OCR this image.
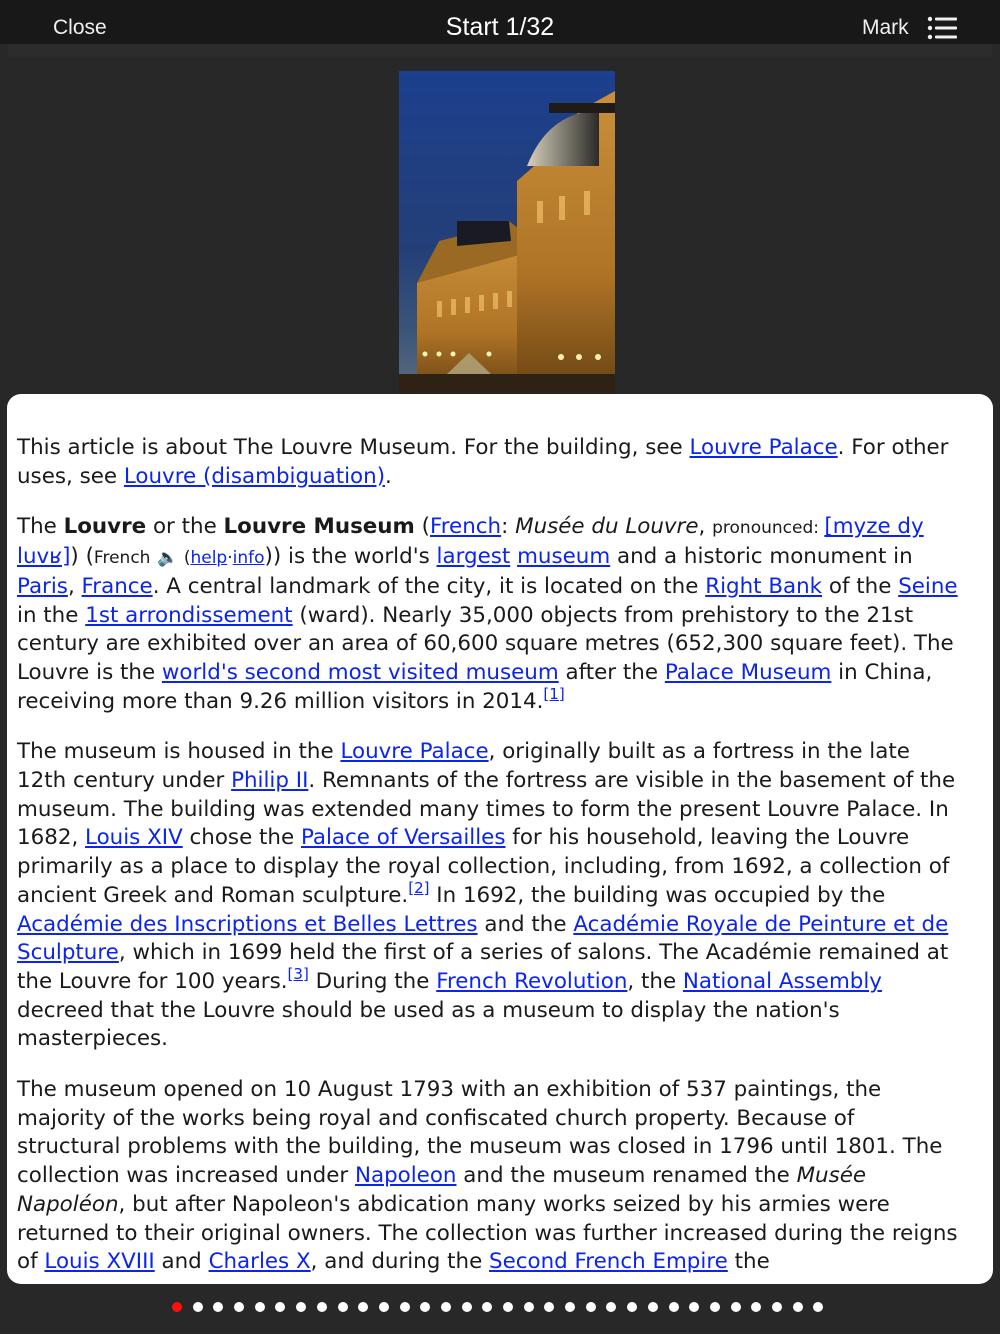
Close	Start 1/32	Mark

This article is about The Louvre Museum. For the building, see Louvre Palace. For other uses, see Louvre (disambiguation).

The Louvre or the Louvre Museum (French: Musée du Louvre, pronounced: [myze dy luvʁ]) (French 🔈 (help·info)) is the world's largest museum and a historic monument in Paris, France. A central landmark of the city, it is located on the Right Bank of the Seine in the 1st arrondissement (ward). Nearly 35,000 objects from prehistory to the 21st century are exhibited over an area of 60,600 square metres (652,300 square feet). The Louvre is the world's second most visited museum after the Palace Museum in China, receiving more than 9.26 million visitors in 2014.[1]

The museum is housed in the Louvre Palace, originally built as a fortress in the late 12th century under Philip II. Remnants of the fortress are visible in the basement of the museum. The building was extended many times to form the present Louvre Palace. In 1682, Louis XIV chose the Palace of Versailles for his household, leaving the Louvre primarily as a place to display the royal collection, including, from 1692, a collection of ancient Greek and Roman sculpture.[2] In 1692, the building was occupied by the Académie des Inscriptions et Belles Lettres and the Académie Royale de Peinture et de Sculpture, which in 1699 held the first of a series of salons. The Académie remained at the Louvre for 100 years.[3] During the French Revolution, the National Assembly decreed that the Louvre should be used as a museum to display the nation's masterpieces.

The museum opened on 10 August 1793 with an exhibition of 537 paintings, the majority of the works being royal and confiscated church property. Because of structural problems with the building, the museum was closed in 1796 until 1801. The collection was increased under Napoleon and the museum renamed the Musée Napoléon, but after Napoleon's abdication many works seized by his armies were returned to their original owners. The collection was further increased during the reigns of Louis XVIII and Charles X, and during the Second French Empire the
